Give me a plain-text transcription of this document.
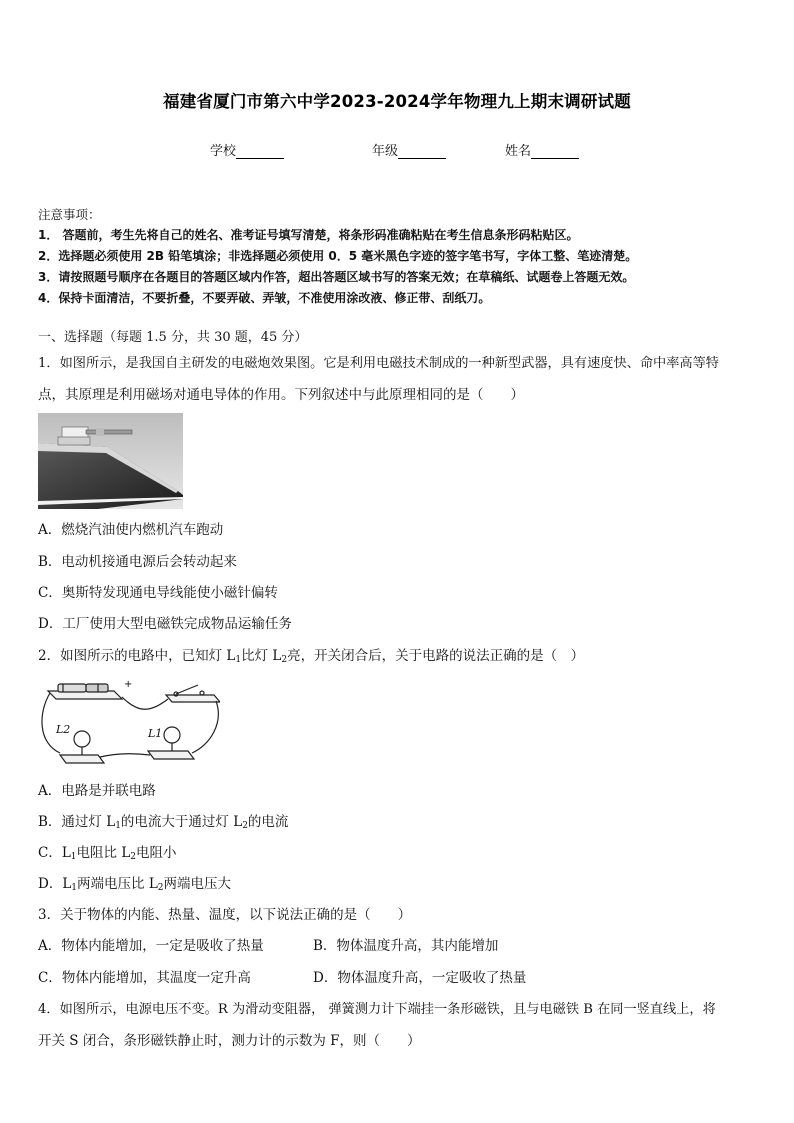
福建省厦门市第六中学2023-2024学年物理九上期末调研试题
学校	年级	姓名
注意事项：
1． 答题前，考生先将自己的姓名、准考证号填写清楚，将条形码准确粘贴在考生信息条形码粘贴区。
2．选择题必须使用 2B 铅笔填涂；非选择题必须使用 0．5 毫米黑色字迹的签字笔书写，字体工整、笔迹清楚。
3．请按照题号顺序在各题目的答题区域内作答，超出答题区域书写的答案无效；在草稿纸、试题卷上答题无效。
4．保持卡面清洁，不要折叠，不要弄破、弄皱，不准使用涂改液、修正带、刮纸刀。
一、选择题（每题 1.5 分，共 30 题，45 分）
1．如图所示，是我国自主研发的电磁炮效果图。它是利用电磁技术制成的一种新型武器，具有速度快、命中率高等特
点，其原理是利用磁场对通电导体的作用。下列叙述中与此原理相同的是（　　）
A．燃烧汽油使内燃机汽车跑动
B．电动机接通电源后会转动起来
C．奥斯特发现通电导线能使小磁针偏转
D．工厂使用大型电磁铁完成物品运输任务
2．如图所示的电路中，已知灯 $L_1$比灯 $L_2$亮，开关闭合后，关于电路的说法正确的是（　）
L2	L1
+
A．电路是并联电路
B．通过灯 $L_1$的电流大于通过灯 $L_2$的电流
C．$L_1$电阻比 $L_2$电阻小
D．$L_1$两端电压比 $L_2$两端电压大
3．关于物体的内能、热量、温度，以下说法正确的是（　　）
A．物体内能增加，一定是吸收了热量	B．物体温度升高，其内能增加
C．物体内能增加，其温度一定升高	D．物体温度升高，一定吸收了热量
4．如图所示，电源电压不变。R 为滑动变阻器， 弹簧测力计下端挂一条形磁铁，且与电磁铁 B 在同一竖直线上，将
开关 S 闭合，条形磁铁静止时，测力计的示数为 F，则（　　）
